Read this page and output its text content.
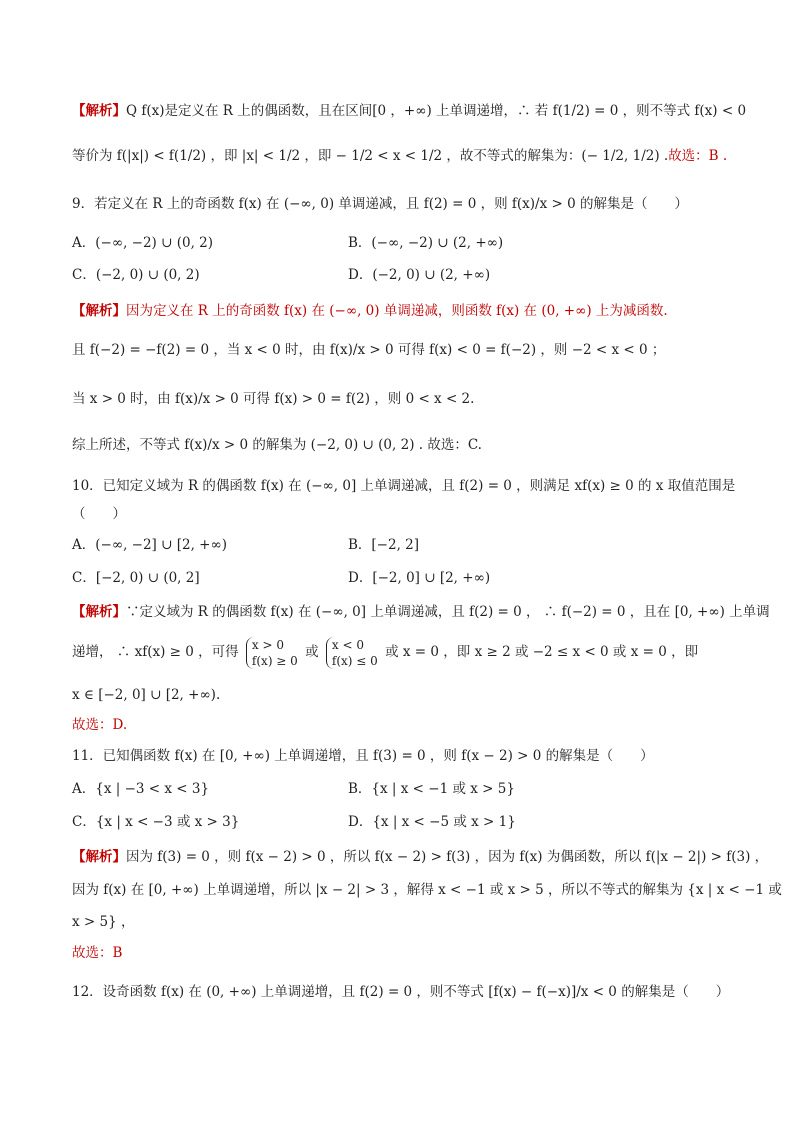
【解析】Q f(x)是定义在 R 上的偶函数，且在区间[0 ，+∞) 上单调递增，∴ 若 f(1/2) = 0 ，则不等式 f(x) < 0
等价为 f(|x|) < f(1/2) ，即 |x| < 1/2 ，即 − 1/2 < x < 1/2 ，故不等式的解集为：(− 1/2, 1/2) .故选：B .
9．若定义在 R 上的奇函数 f(x) 在 (−∞, 0) 单调递减，且 f(2) = 0 ，则 f(x)/x > 0 的解集是（　　）
A．(−∞, −2) ∪ (0, 2)	B．(−∞, −2) ∪ (2, +∞)
C．(−2, 0) ∪ (0, 2)	D．(−2, 0) ∪ (2, +∞)
【解析】因为定义在 R 上的奇函数 f(x) 在 (−∞, 0) 单调递减，则函数 f(x) 在 (0, +∞) 上为减函数.
且 f(−2) = −f(2) = 0 ，当 x < 0 时，由 f(x)/x > 0 可得 f(x) < 0 = f(−2) ，则 −2 < x < 0 ；
当 x > 0 时，由 f(x)/x > 0 可得 f(x) > 0 = f(2) ，则 0 < x < 2.
综上所述，不等式 f(x)/x > 0 的解集为 (−2, 0) ∪ (0, 2) . 故选：C.
10．已知定义域为 R 的偶函数 f(x) 在 (−∞, 0] 上单调递减，且 f(2) = 0 ，则满足 xf(x) ≥ 0 的 x 取值范围是
（　　）
A．(−∞, −2] ∪ [2, +∞)	B．[−2, 2]
C．[−2, 0) ∪ (0, 2]	D．[−2, 0] ∪ [2, +∞)
【解析】∵定义域为 R 的偶函数 f(x) 在 (−∞, 0] 上单调递减，且 f(2) = 0 ， ∴ f(−2) = 0 ，且在 [0, +∞) 上单调
递增， ∴ xf(x) ≥ 0 ，可得 x > 0
f(x) ≥ 0
或 x < 0
f(x) ≤ 0
或 x = 0 ，即 x ≥ 2 或 −2 ≤ x < 0 或 x = 0 ，即
x ∈ [−2, 0] ∪ [2, +∞).
故选：D.
11．已知偶函数 f(x) 在 [0, +∞) 上单调递增，且 f(3) = 0 ，则 f(x − 2) > 0 的解集是（　　）
A．{x | −3 < x < 3}	B．{x | x < −1 或 x > 5}
C．{x | x < −3 或 x > 3}	D．{x | x < −5 或 x > 1}
【解析】因为 f(3) = 0 ，则 f(x − 2) > 0 ，所以 f(x − 2) > f(3) ，因为 f(x) 为偶函数，所以 f(|x − 2|) > f(3) ，
因为 f(x) 在 [0, +∞) 上单调递增，所以 |x − 2| > 3 ，解得 x < −1 或 x > 5 ，所以不等式的解集为 {x | x < −1 或
x > 5} ，
故选：B
12．设奇函数 f(x) 在 (0, +∞) 上单调递增，且 f(2) = 0 ，则不等式 [f(x) − f(−x)]/x < 0 的解集是（　　）
